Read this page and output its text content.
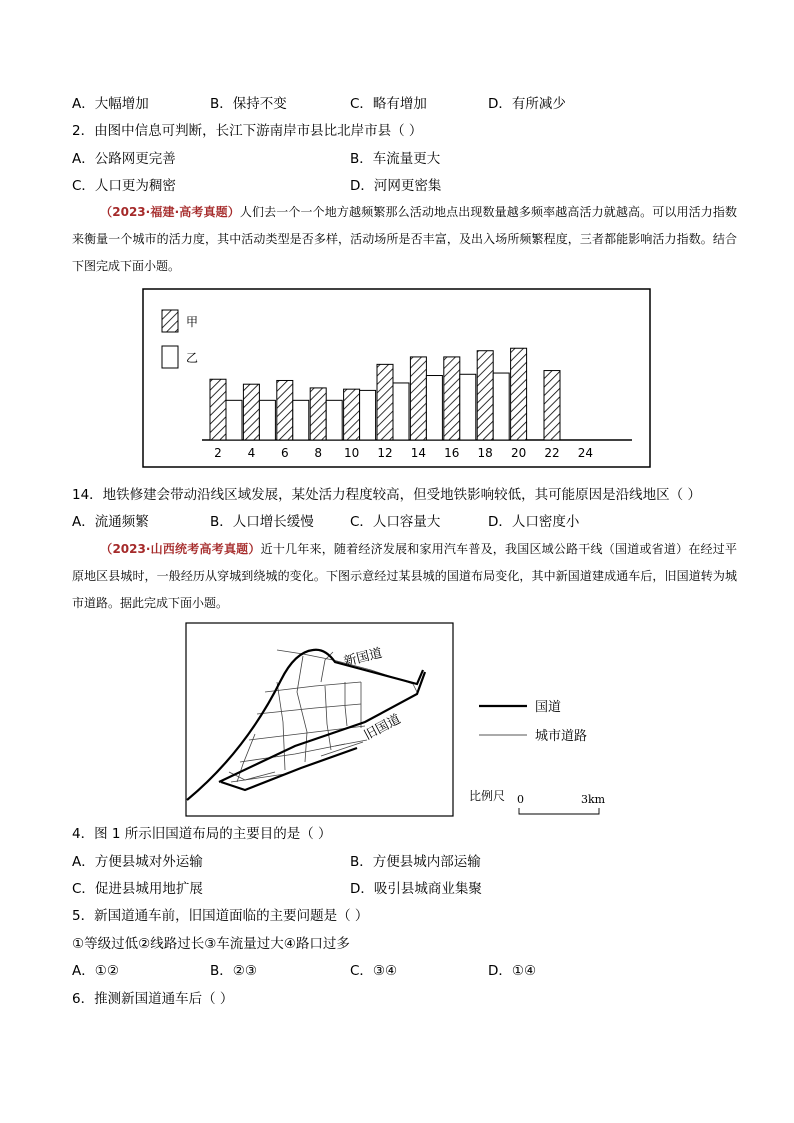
A．大幅增加	B．保持不变	C．略有增加	D．有所减少
2．由图中信息可判断，长江下游南岸市县比北岸市县（ ）
A．公路网更完善	B．车流量更大
C．人口更为稠密	D．河网更密集
（2023·福建·高考真题）人们去一个一个地方越频繁那么活动地点出现数量越多频率越高活力就越高。可以用活力指数来衡量一个城市的活力度，其中活动类型是否多样，活动场所是否丰富，及出入场所频繁程度，三者都能影响活力指数。结合下图完成下面小题。
甲
乙
2 4 6 8 10 12 14 16 18 20 22 24
14．地铁修建会带动沿线区域发展，某处活力程度较高，但受地铁影响较低，其可能原因是沿线地区（ ）
A．流通频繁	B．人口增长缓慢	C．人口容量大	D．人口密度小
（2023·山西统考高考真题）近十几年来，随着经济发展和家用汽车普及，我国区域公路干线（国道或省道）在经过平原地区县城时，一般经历从穿城到绕城的变化。下图示意经过某县城的国道布局变化，其中新国道建成通车后，旧国道转为城市道路。据此完成下面小题。
新国道
旧国道
国道
城市道路
比例尺 0	3km
4．图 1 所示旧国道布局的主要目的是（ ）
A．方便县城对外运输	B．方便县城内部运输
C．促进县城用地扩展	D．吸引县城商业集聚
5．新国道通车前，旧国道面临的主要问题是（ ）
①等级过低②线路过长③车流量过大④路口过多
A．①②	B．②③	C．③④	D．①④
6．推测新国道通车后（ ）
